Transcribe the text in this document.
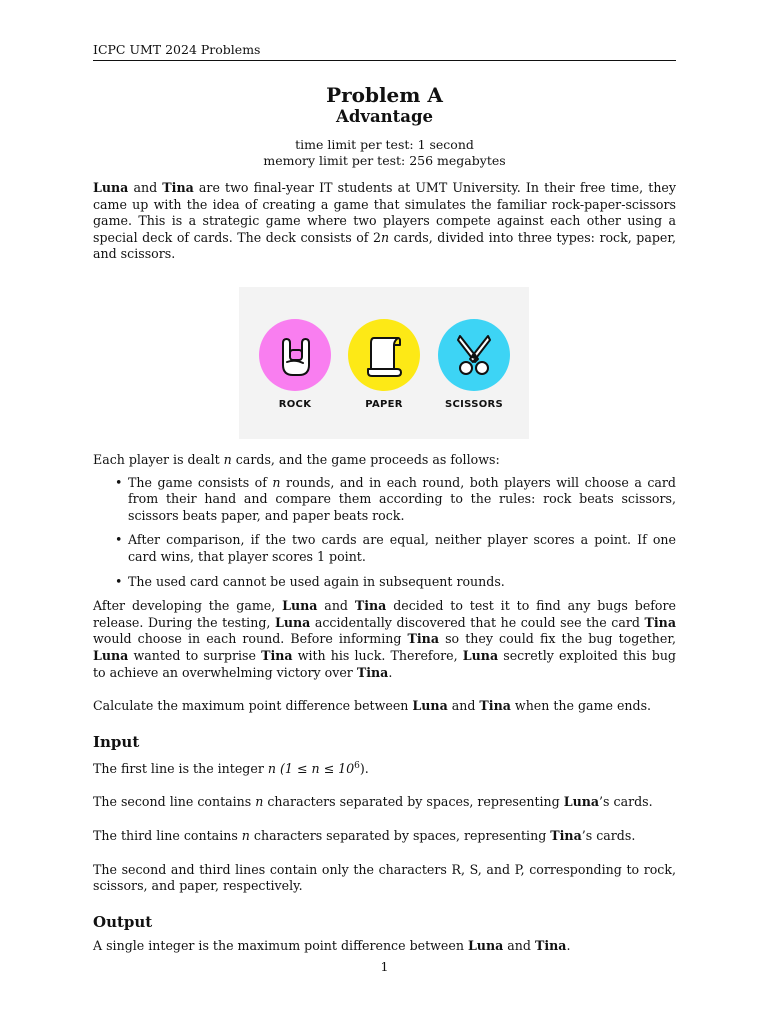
ICPC UMT 2024 Problems
Problem A
Advantage
time limit per test: 1 second
memory limit per test: 256 megabytes

Luna and Tina are two final-year IT students at UMT University. In their free time, they came up with the idea of creating a game that simulates the familiar rock-paper-scissors game. This is a strategic game where two players compete against each other using a special deck of cards. The deck consists of 2n cards, divided into three types: rock, paper, and scissors.

ROCK	PAPER	SCISSORS

Each player is dealt n cards, and the game proceeds as follows:

• The game consists of n rounds, and in each round, both players will choose a card from their hand and compare them according to the rules: rock beats scissors, scissors beats paper, and paper beats rock.
• After comparison, if the two cards are equal, neither player scores a point. If one card wins, that player scores 1 point.
• The used card cannot be used again in subsequent rounds.

After developing the game, Luna and Tina decided to test it to find any bugs before release. During the testing, Luna accidentally discovered that he could see the card Tina would choose in each round. Before informing Tina so they could fix the bug together, Luna wanted to surprise Tina with his luck. Therefore, Luna secretly exploited this bug to achieve an overwhelming victory over Tina.

Calculate the maximum point difference between Luna and Tina when the game ends.

Input

The first line is the integer n $(1 \le n \le 10^6)$.

The second line contains n characters separated by spaces, representing Luna’s cards.

The third line contains n characters separated by spaces, representing Tina’s cards.

The second and third lines contain only the characters R, S, and P, corresponding to rock, scissors, and paper, respectively.

Output

A single integer is the maximum point difference between Luna and Tina.

1
